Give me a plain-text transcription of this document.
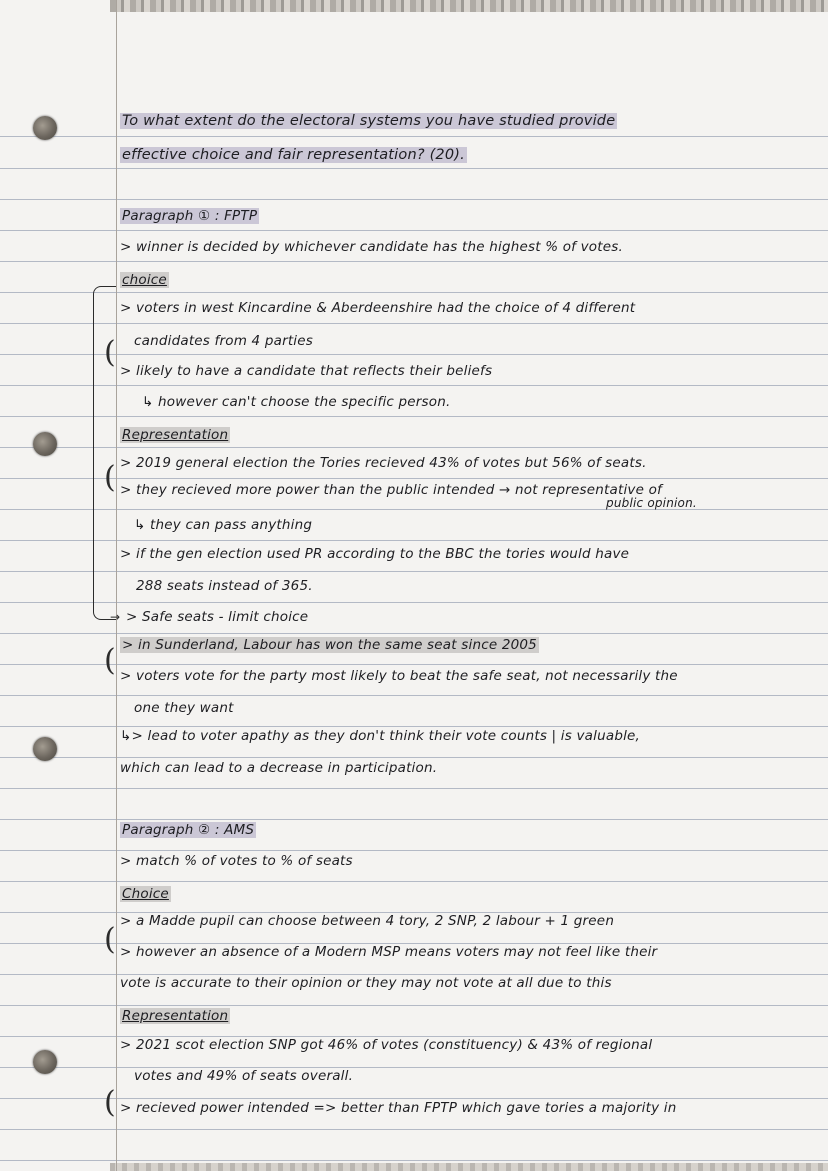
→
(
(
(
(
(
To what extent do the electoral systems you have studied provide
effective choice and fair representation? (20).
Paragraph ① : FPTP
> winner is decided by whichever candidate has the highest % of votes.
choice
> voters in west Kincardine & Aberdeenshire had the choice of 4 different
candidates from 4 parties
> likely to have a candidate that reflects their beliefs
↳ however can't choose the specific person.
Representation
> 2019 general election the Tories recieved 43% of votes but 56% of seats.
> they recieved more power than the public intended → not representative of
public opinion.
↳ they can pass anything
> if the gen election used PR according to the BBC the tories would have
288 seats instead of 365.
> Safe seats - limit choice
> in Sunderland, Labour has won the same seat since 2005
> voters vote for the party most likely to beat the safe seat, not necessarily the
one they want
↳> lead to voter apathy as they don't think their vote counts | is valuable,
which can lead to a decrease in participation.
Paragraph ② : AMS
> match % of votes to % of seats
Choice
> a Madde pupil can choose between 4 tory, 2 SNP, 2 labour + 1 green
> however an absence of a Modern MSP means voters may not feel like their
vote is accurate to their opinion or they may not vote at all due to this
Representation
> 2021 scot election SNP got 46% of votes (constituency) & 43% of regional
votes and 49% of seats overall.
> recieved power intended => better than FPTP which gave tories a majority in
